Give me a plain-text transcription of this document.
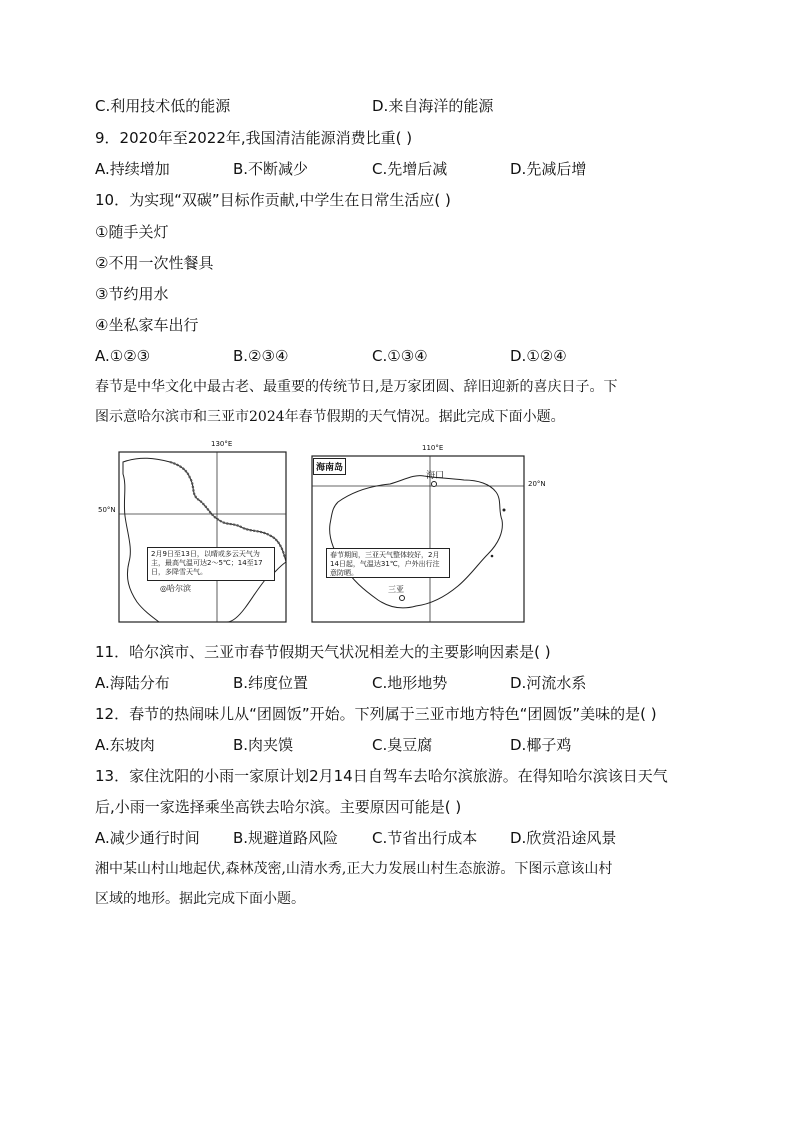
C.利用技术低的能源	D.来自海洋的能源
9．2020年至2022年,我国清洁能源消费比重( )
A.持续增加	B.不断减少	C.先增后减	D.先减后增
10．为实现“双碳”目标作贡献,中学生在日常生活应( )
①随手关灯
②不用一次性餐具
③节约用水
④坐私家车出行
A.①②③	B.②③④	C.①③④	D.①②④
春节是中华文化中最古老、最重要的传统节日,是万家团圆、辞旧迎新的喜庆日子。下
图示意哈尔滨市和三亚市2024年春节假期的天气情况。据此完成下面小题。
130°E
50°N
2月9日至13日，以晴或多云天气为主，最高气温可达2～5℃；14至17日，多降雪天气。
◎哈尔滨
海南岛
110°E
20°N
海口
春节期间，三亚天气整体较好，2月14日起，气温达31℃，户外出行注意防晒。
三亚
11．哈尔滨市、三亚市春节假期天气状况相差大的主要影响因素是( )
A.海陆分布	B.纬度位置	C.地形地势	D.河流水系
12．春节的热闹味儿从“团圆饭”开始。下列属于三亚市地方特色“团圆饭”美味的是( )
A.东坡肉	B.肉夹馍	C.臭豆腐	D.椰子鸡
13．家住沈阳的小雨一家原计划2月14日自驾车去哈尔滨旅游。在得知哈尔滨该日天气
后,小雨一家选择乘坐高铁去哈尔滨。主要原因可能是( )
A.减少通行时间 B.规避道路风险 C.节省出行成本 D.欣赏沿途风景
湘中某山村山地起伏,森林茂密,山清水秀,正大力发展山村生态旅游。下图示意该山村
区域的地形。据此完成下面小题。
